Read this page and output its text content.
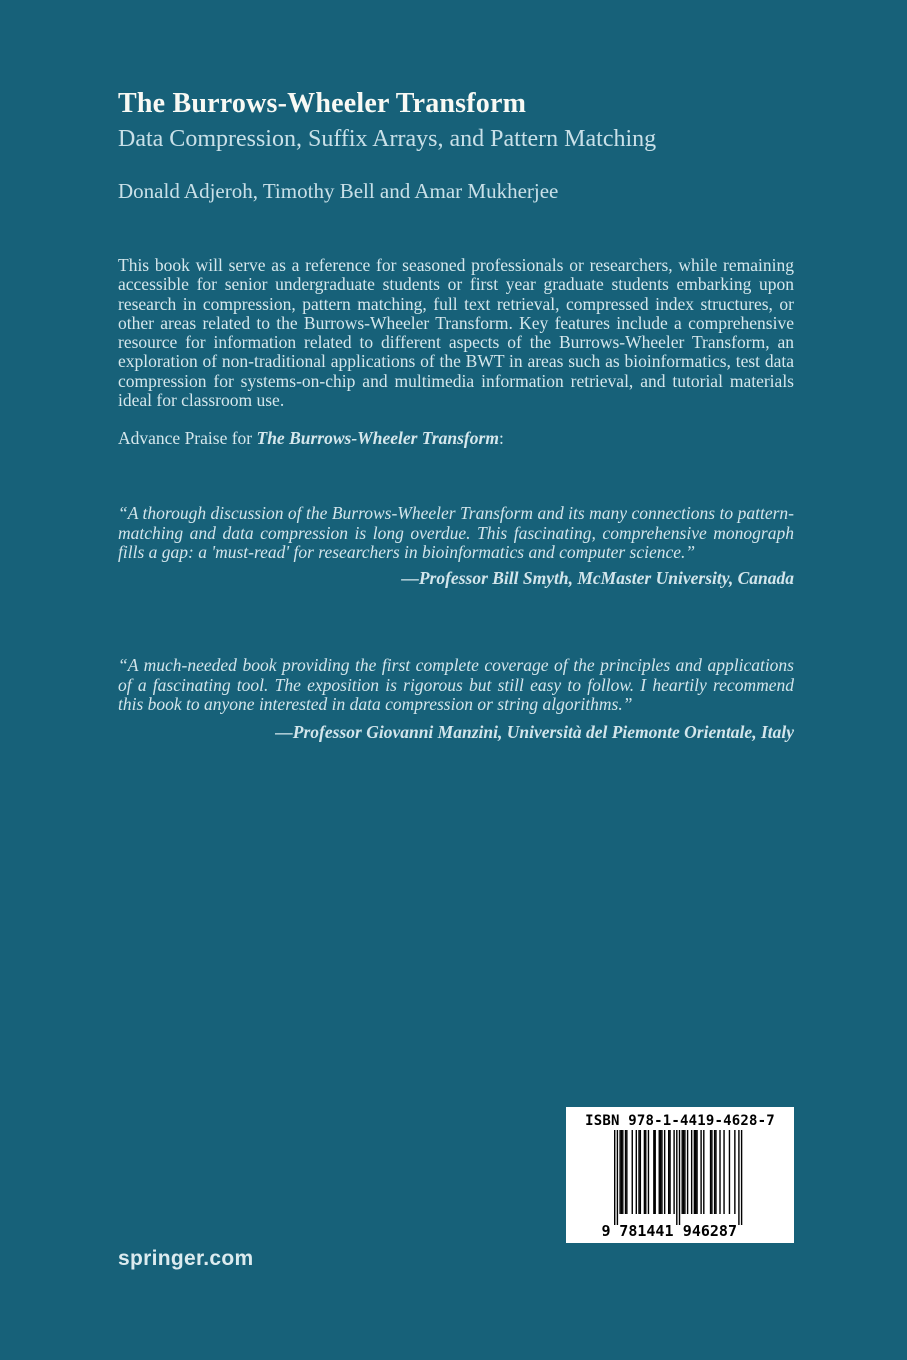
The Burrows-Wheeler Transform
Data Compression, Suffix Arrays, and Pattern Matching
Donald Adjeroh, Timothy Bell and Amar Mukherjee

This book will serve as a reference for seasoned professionals or researchers, while remaining accessible for senior undergraduate students or first year graduate students embarking upon research in compression, pattern matching, full text retrieval, compressed index structures, or other areas related to the Burrows-Wheeler Transform. Key features include a comprehensive resource for information related to different aspects of the Burrows-Wheeler Transform, an exploration of non-traditional applications of the BWT in areas such as bioinformatics, test data compression for systems-on-chip and multimedia information retrieval, and tutorial materials ideal for classroom use.

Advance Praise for The Burrows-Wheeler Transform:
“A thorough discussion of the Burrows-Wheeler Transform and its many connections to pattern-matching and data compression is long overdue. This fascinating, comprehensive monograph fills a gap: a 'must-read' for researchers in bioinformatics and computer science.”
—Professor Bill Smyth, McMaster University, Canada
“A much-needed book providing the first complete coverage of the principles and applications of a fascinating tool. The exposition is rigorous but still easy to follow. I heartily recommend this book to anyone interested in data compression or string algorithms.”
—Professor Giovanni Manzini, Università del Piemonte Orientale, Italy
ISBN 978-1-4419-4628-7
9 781441 946287
springer.com
